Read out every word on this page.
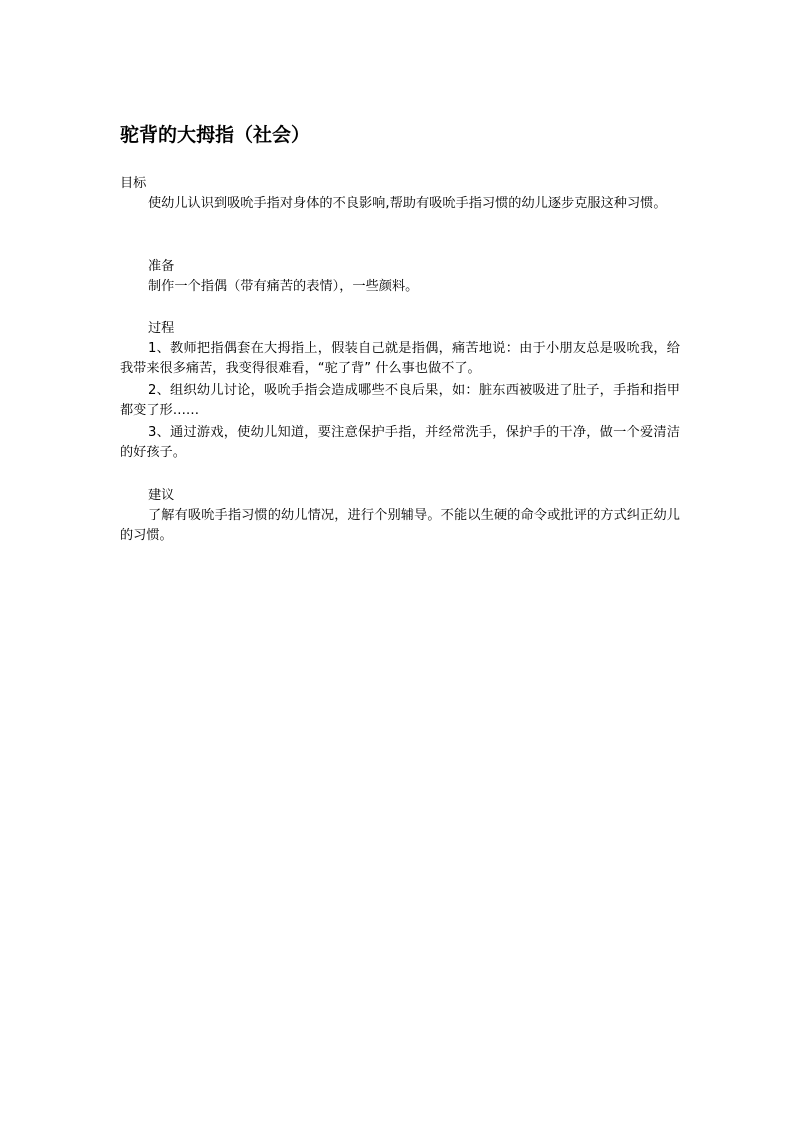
驼背的大拇指（社会）
目标
使幼儿认识到吸吮手指对身体的不良影响,帮助有吸吮手指习惯的幼儿逐步克服这种习惯。
准备
制作一个指偶（带有痛苦的表情），一些颜料。
过程
1、教师把指偶套在大拇指上，假装自己就是指偶，痛苦地说：由于小朋友总是吸吮我，给我带来很多痛苦，我变得很难看，“驼了背” 什么事也做不了。
2、组织幼儿讨论，吸吮手指会造成哪些不良后果，如：脏东西被吸进了肚子，手指和指甲都变了形……
3、通过游戏，使幼儿知道，要注意保护手指，并经常洗手，保护手的干净，做一个爱清洁的好孩子。
建议
了解有吸吮手指习惯的幼儿情况，进行个别辅导。不能以生硬的命令或批评的方式纠正幼儿的习惯。
